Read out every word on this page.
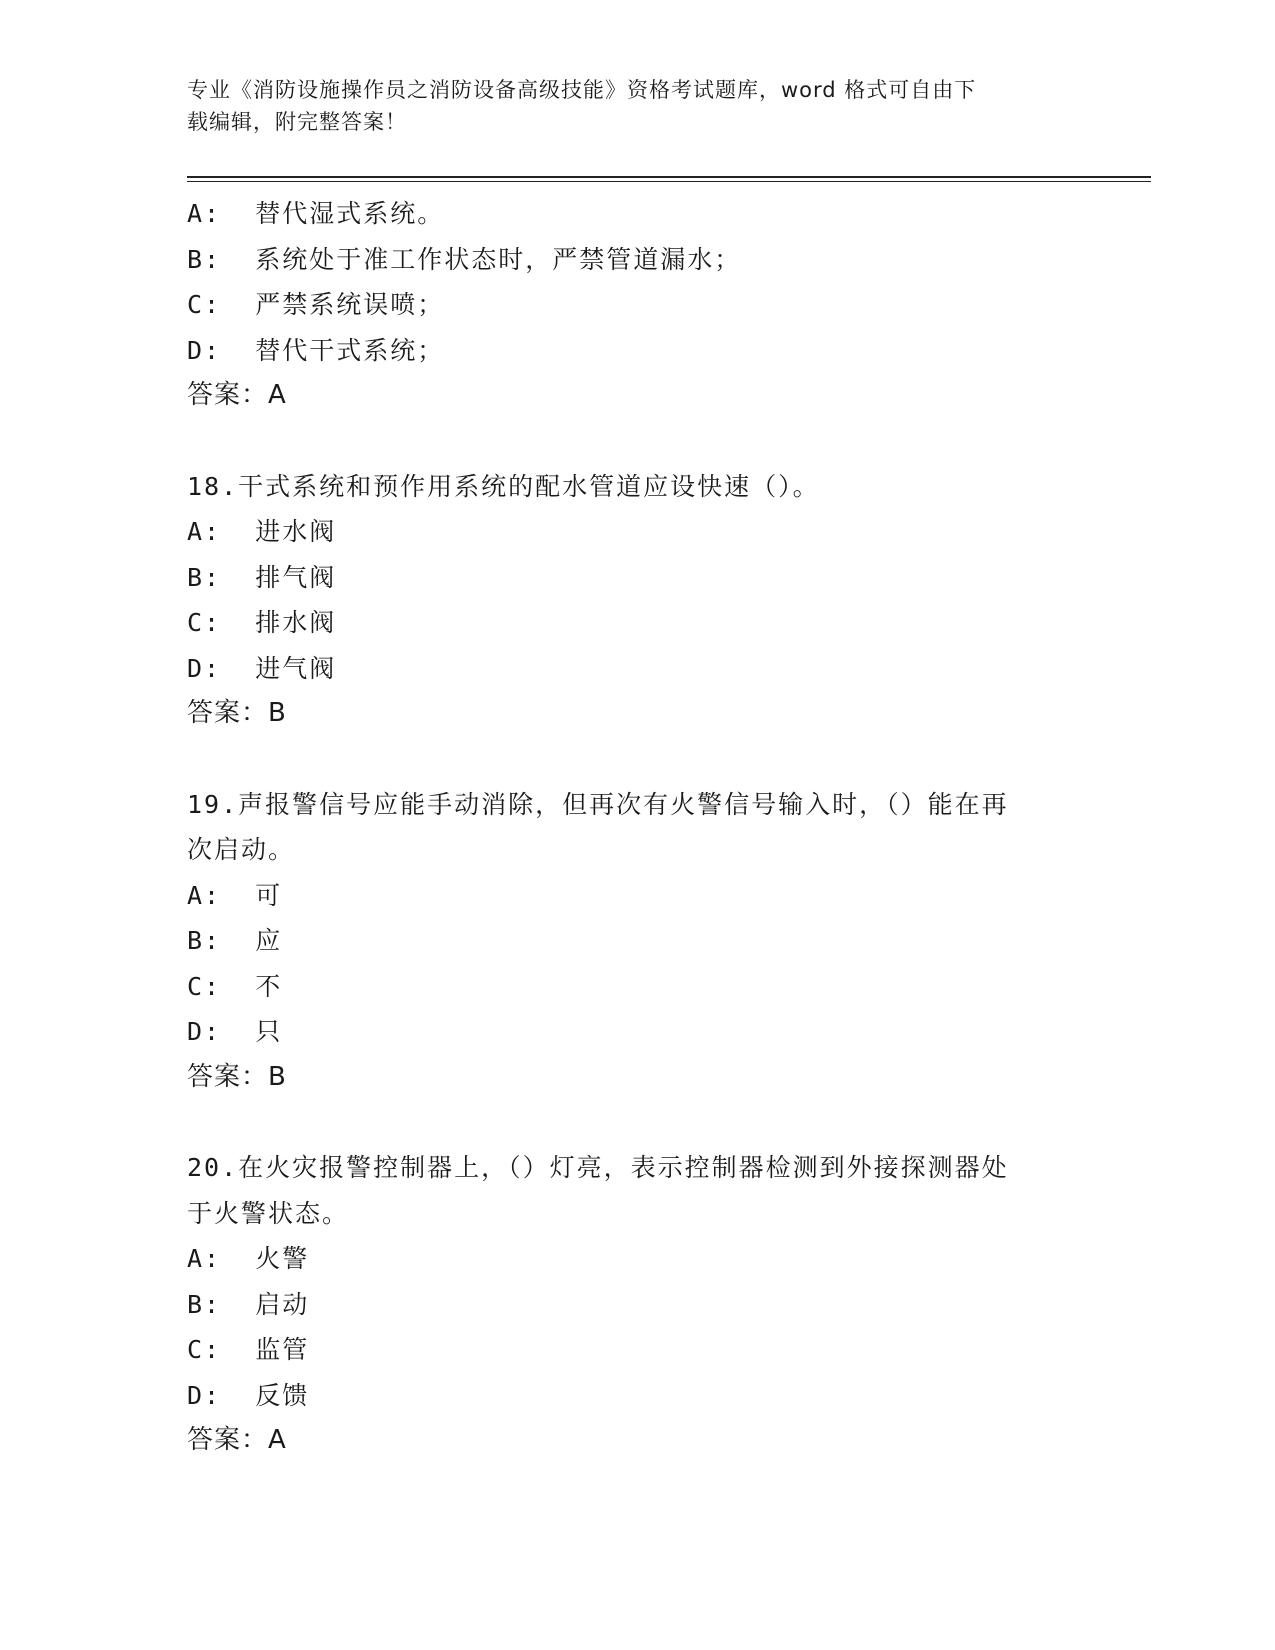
专业《消防设施操作员之消防设备高级技能》资格考试题库，word 格式可自由下
载编辑，附完整答案！
A:  替代湿式系统。
B:  系统处于准工作状态时，严禁管道漏水；
C:  严禁系统误喷；
D:  替代干式系统；
答案：A
18.干式系统和预作用系统的配水管道应设快速（）。
A:  进水阀
B:  排气阀
C:  排水阀
D:  进气阀
答案：B
19.声报警信号应能手动消除，但再次有火警信号输入时，（）能在再
次启动。
A:  可
B:  应
C:  不
D:  只
答案：B
20.在火灾报警控制器上，（）灯亮，表示控制器检测到外接探测器处
于火警状态。
A:  火警
B:  启动
C:  监管
D:  反馈
答案：A
